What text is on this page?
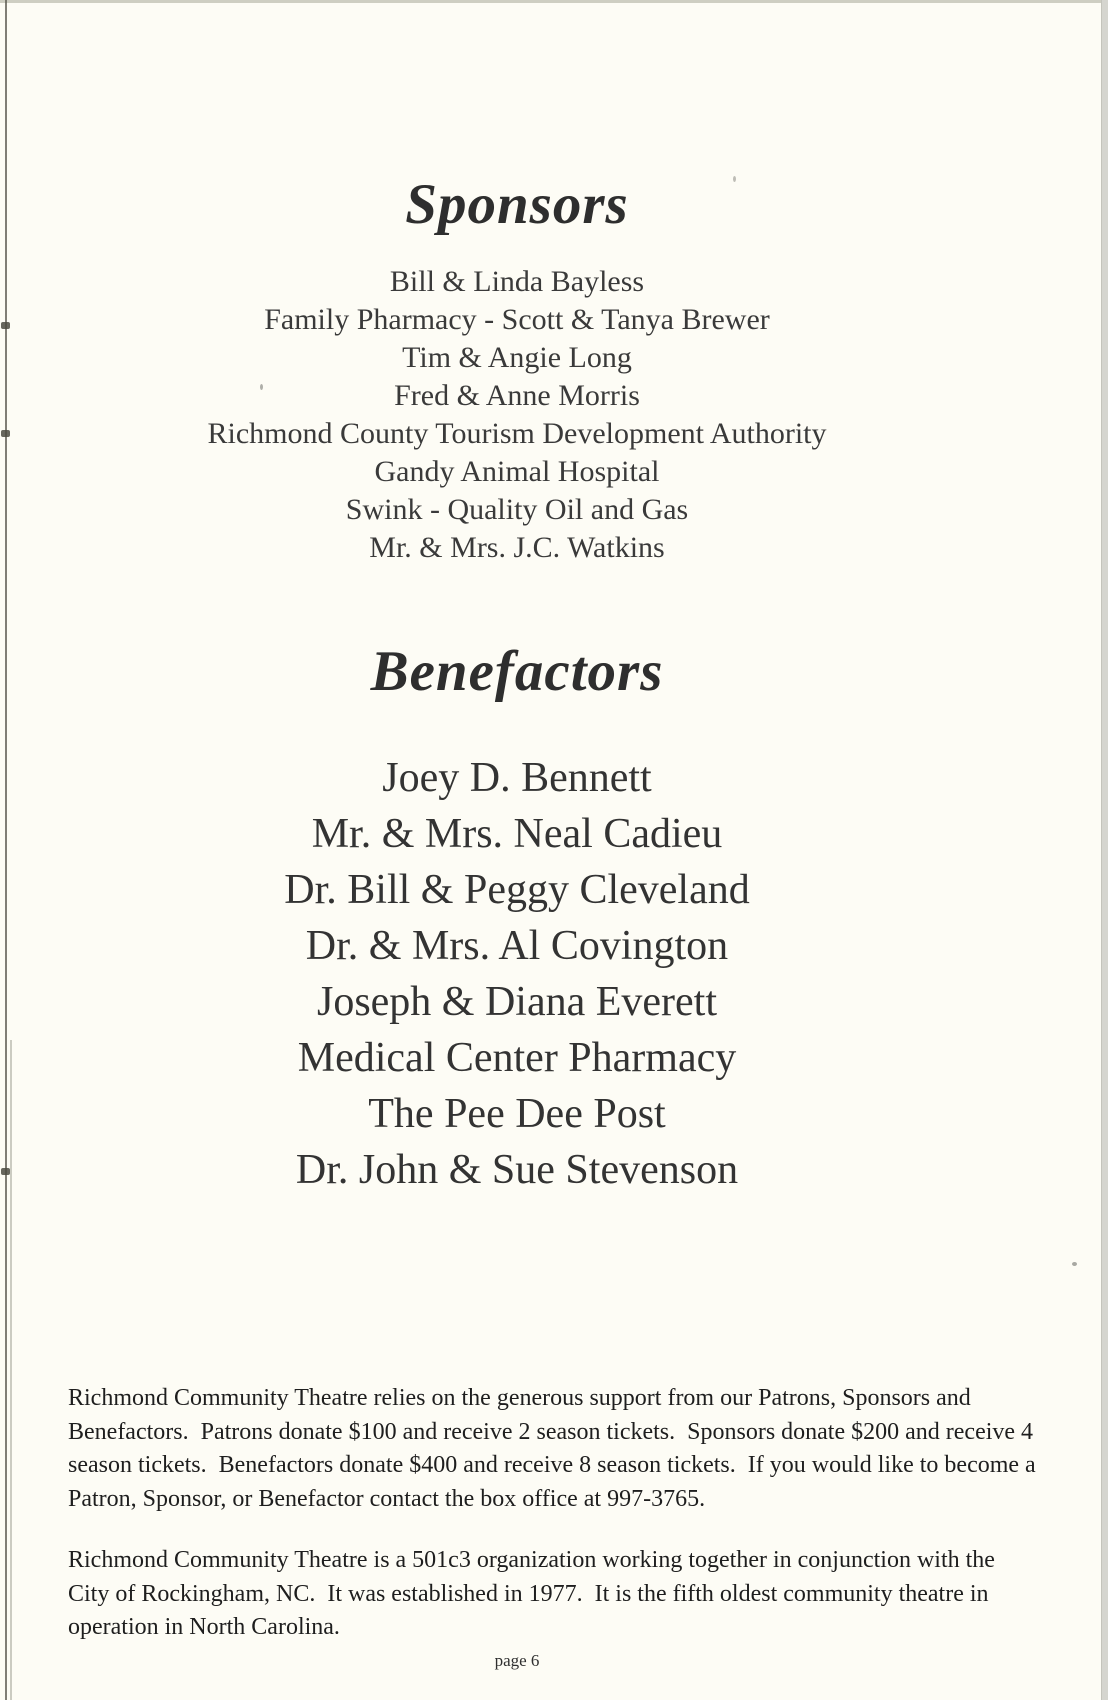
Sponsors
Bill & Linda Bayless
Family Pharmacy - Scott & Tanya Brewer
Tim & Angie Long
Fred & Anne Morris
Richmond County Tourism Development Authority
Gandy Animal Hospital
Swink - Quality Oil and Gas
Mr. & Mrs. J.C. Watkins
Benefactors
Joey D. Bennett
Mr. & Mrs. Neal Cadieu
Dr. Bill & Peggy Cleveland
Dr. & Mrs. Al Covington
Joseph & Diana Everett
Medical Center Pharmacy
The Pee Dee Post
Dr. John & Sue Stevenson

Richmond Community Theatre relies on the generous support from our Patrons, Sponsors and Benefactors.  Patrons donate $100 and receive 2 season tickets.  Sponsors donate $200 and receive 4 season tickets.  Benefactors donate $400 and receive 8 season tickets.  If you would like to become a Patron, Sponsor, or Benefactor contact the box office at 997-3765.

Richmond Community Theatre is a 501c3 organization working together in conjunction with the City of Rockingham, NC.  It was established in 1977.  It is the fifth oldest community theatre in operation in North Carolina.

page 6
